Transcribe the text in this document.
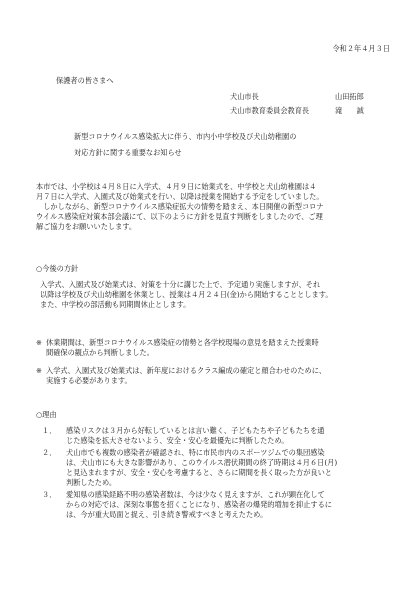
令和２年４月３日
保護者の皆さまへ
犬山市長	山田拓郎
犬山市教育委員会教育長	滝　　誠
新型コロナウイルス感染拡大に伴う、市内小中学校及び犬山幼稚園の
対応方針に関する重要なお知らせ

本市では、小学校は４月８日に入学式、４月９日に始業式を、中学校と犬山幼稚園は４

月７日に入学式、入園式及び始業式を行い、以降は授業を開始する予定をしていました。

　しかしながら、新型コロナウイルス感染症拡大の情勢を踏まえ、本日開催の新型コロナ

ウイルス感染症対策本部会議にて、以下のように方針を見直す判断をしましたので、ご理

解ご協力をお願いいたします。

○今後の方針

入学式、入園式及び始業式は、対策を十分に講じた上で、予定通り実施しますが、それ

以降は学校及び犬山幼稚園を休業とし、授業は４月２４日(金)から開始することとします。

また、中学校の部活動も同期間休止とします。

※ 休業期間は、新型コロナウイルス感染症の情勢と各学校現場の意見を踏まえた授業時

間確保の観点から判断しました。

※ 入学式、入園式及び始業式は、新年度におけるクラス編成の確定と顔合わせのために、

実施する必要があります。

○理由
１．	感染リスクは３月から好転しているとは言い難く、子どもたちや子どもたちを通

じた感染を拡大させないよう、安全・安心を最優先に判断したため。

２．	犬山市でも複数の感染者が確認され、特に市民市内のスポーツジムでの集団感染

は、犬山市にも大きな影響があり、このウイルス潜伏期間の終了時期は４月６日(月)

と見込まれますが、安全・安心を考慮すると、さらに期間を長く取った方が良いと

判断したため。

３．	愛知県の感染経路不明の感染者数は、今は少なく見えますが、これが顕在化して

からの対応では、深刻な事態を招くことになり、感染者の爆発的増加を抑止するに

は、今が重大局面と捉え、引き続き警戒すべきと考えたため。
